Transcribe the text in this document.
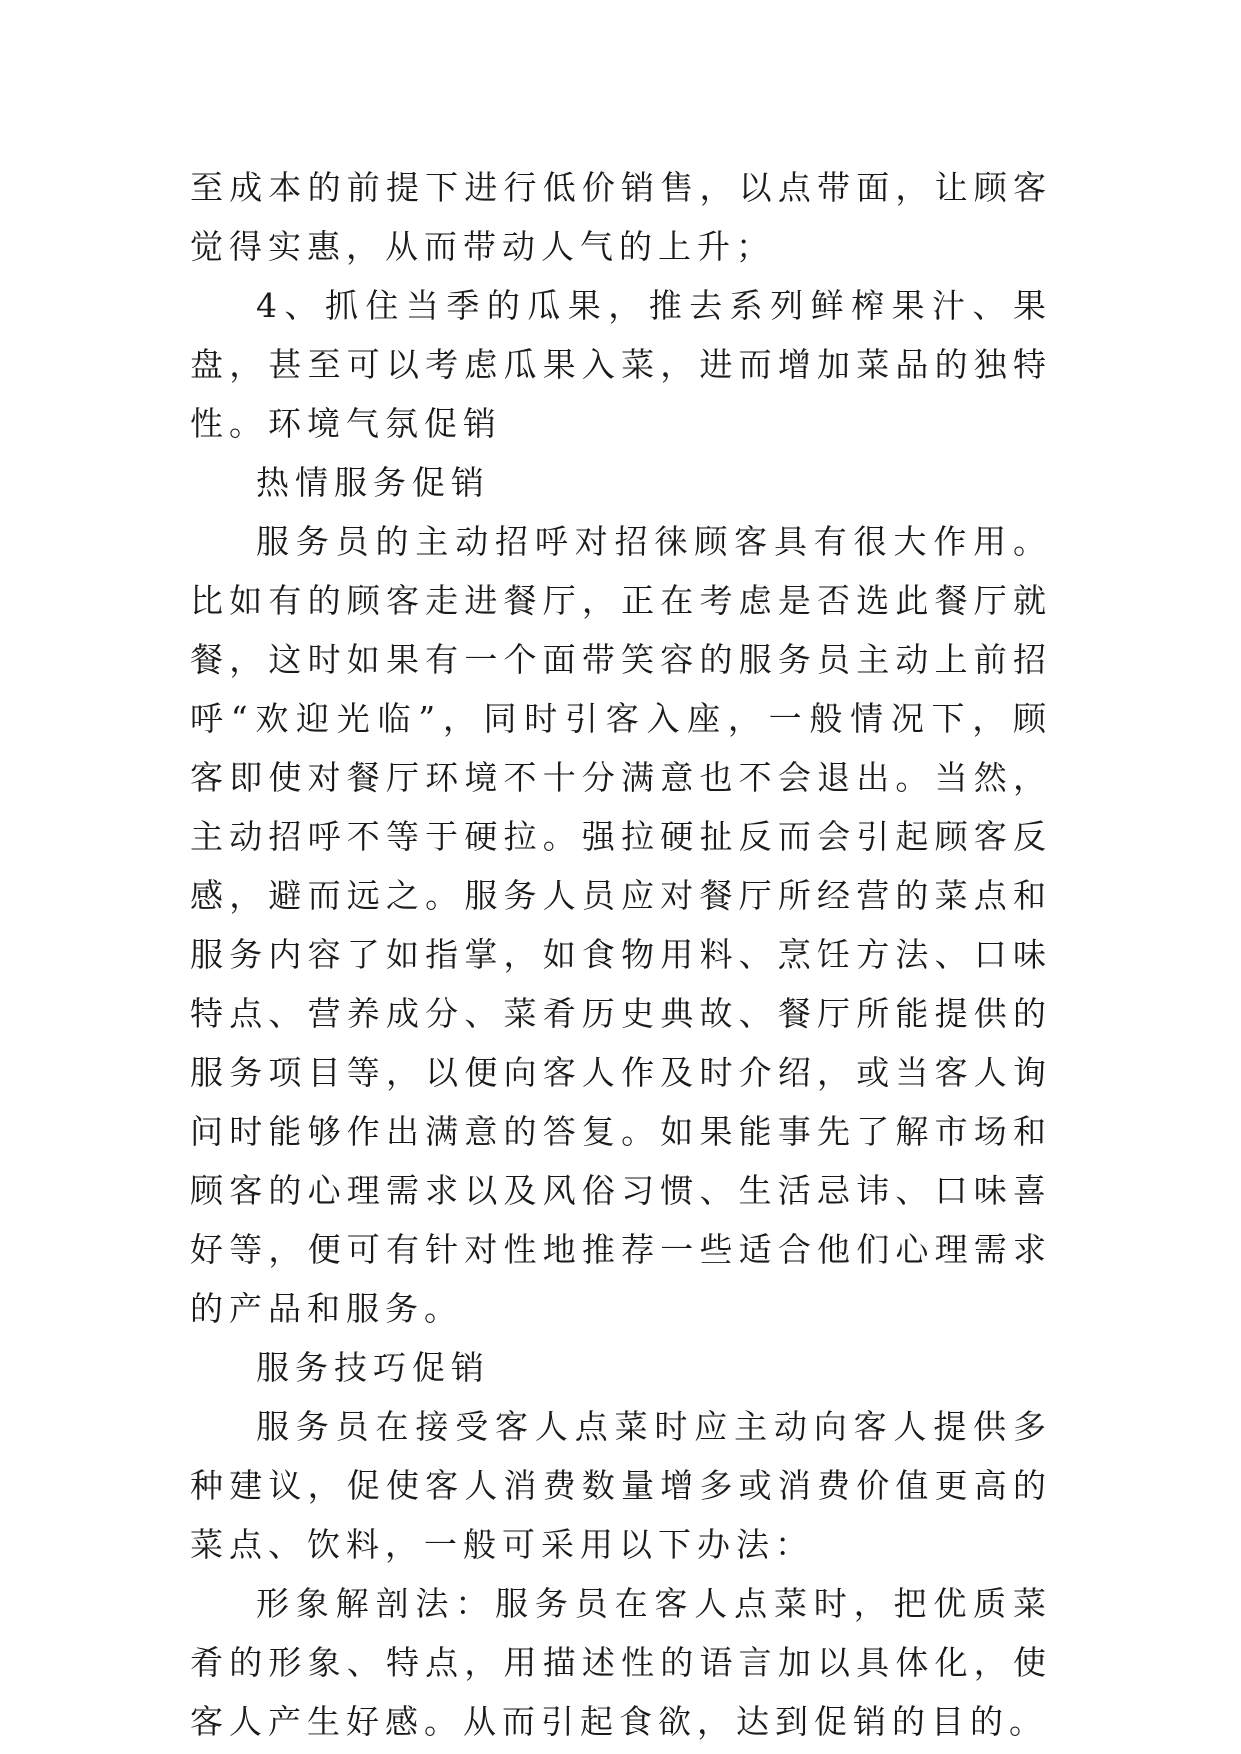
至成本的前提下进行低价销售，以点带面，让顾客觉得实惠，从而带动人气的上升；

4、抓住当季的瓜果，推去系列鲜榨果汁、果盘，甚至可以考虑瓜果入菜，进而增加菜品的独特性。环境气氛促销

热情服务促销

服务员的主动招呼对招徕顾客具有很大作用。比如有的顾客走进餐厅，正在考虑是否选此餐厅就餐，这时如果有一个面带笑容的服务员主动上前招呼“欢迎光临”，同时引客入座，一般情况下，顾客即使对餐厅环境不十分满意也不会退出。当然，主动招呼不等于硬拉。强拉硬扯反而会引起顾客反感，避而远之。服务人员应对餐厅所经营的菜点和服务内容了如指掌，如食物用料、烹饪方法、口味特点、营养成分、菜肴历史典故、餐厅所能提供的服务项目等，以便向客人作及时介绍，或当客人询问时能够作出满意的答复。如果能事先了解市场和顾客的心理需求以及风俗习惯、生活忌讳、口味喜好等，便可有针对性地推荐一些适合他们心理需求的产品和服务。

服务技巧促销

服务员在接受客人点菜时应主动向客人提供多种建议，促使客人消费数量增多或消费价值更高的菜点、饮料，一般可采用以下办法：

形象解剖法：服务员在客人点菜时，把优质菜肴的形象、特点，用描述性的语言加以具体化，使客人产生好感。从而引起食欲，达到促销的目的。
